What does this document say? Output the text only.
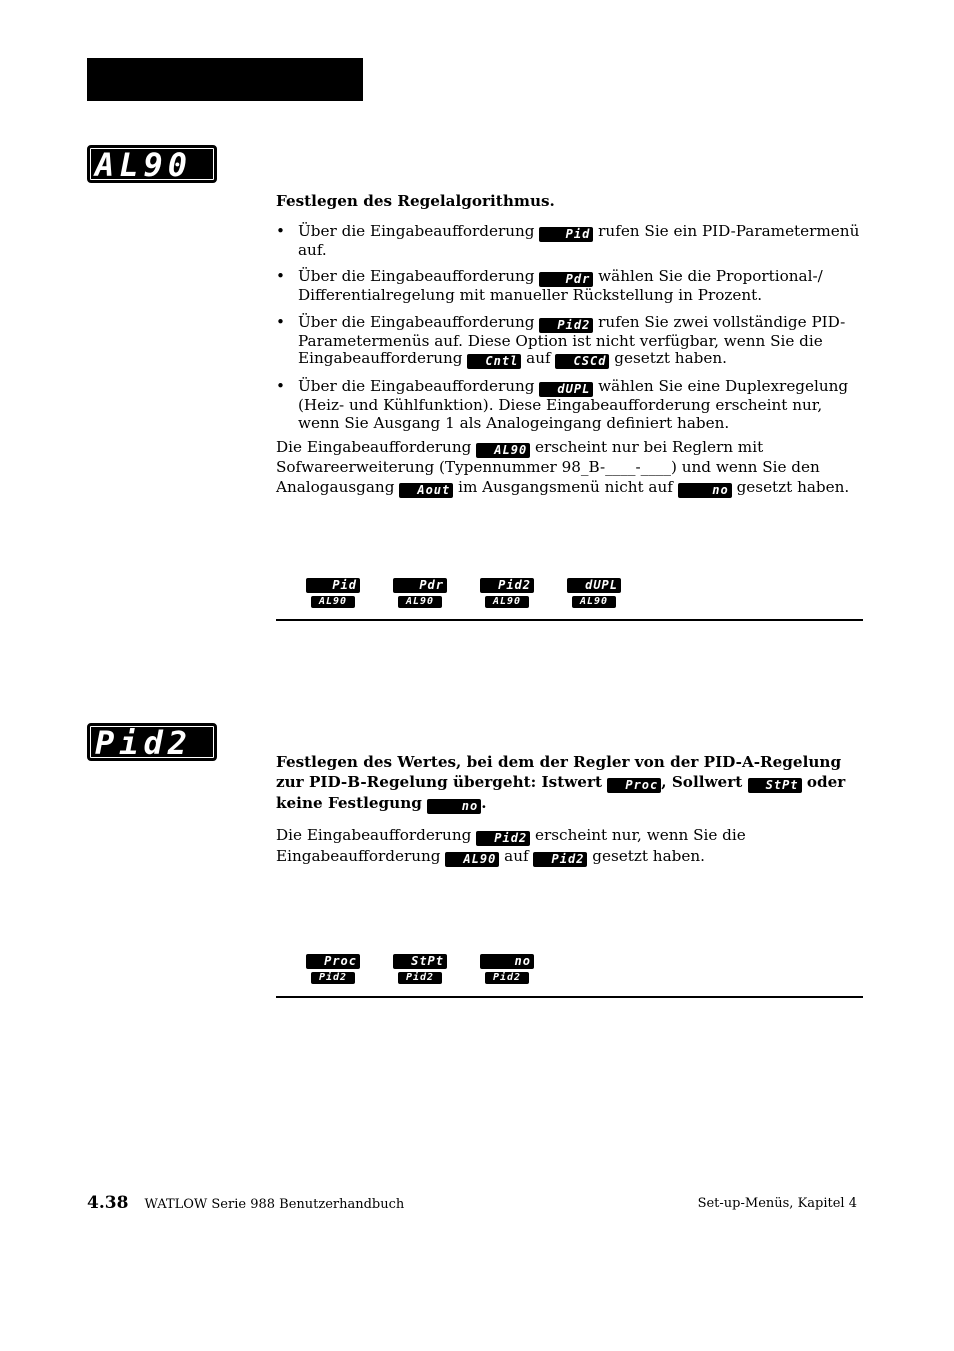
AL90

Festlegen des Regelalgorithmus.

• Über die Eingabeaufforderung	Pid rufen Sie ein PID-Parametermenü auf.
• Über die Eingabeaufforderung	Pdr wählen Sie die Proportional-/ Differentialregelung mit manueller Rückstellung in Prozent.
• Über die Eingabeaufforderung Pid2 rufen Sie zwei vollständige PID-Parametermenüs auf. Diese Option ist nicht verfügbar, wenn Sie die Eingabeaufforderung Cntl auf CSCd gesetzt haben.
• Über die Eingabeaufforderung dUPL wählen Sie eine Duplexregelung (Heiz- und Kühlfunktion). Diese Eingabeaufforderung erscheint nur, wenn Sie Ausgang 1 als Analogeingang definiert haben.

Die Eingabeaufforderung AL90 erscheint nur bei Reglern mit Sofwareerweiterung (Typennummer 98_B-____-____) und wenn Sie den Analogausgang Aout im Ausgangsmenü nicht auf	no gesetzt haben.

Pid
AL90
Pdr
AL90
Pid2
AL90
dUPL
AL90
Pid2	Festlegen des Wertes, bei dem der Regler von der PID-A-Regelung zur PID-B-Regelung übergeht: Istwert Proc , Sollwert StPt oder keine Festlegung	no .

Die Eingabeaufforderung Pid2 erscheint nur, wenn Sie die Eingabeaufforderung AL90 auf Pid2 gesetzt haben.

Proc
Pid2
StPt
Pid2
no
Pid2
4.38 WATLOW Serie 988 Benutzerhandbuch	Set-up-Menüs, Kapitel 4
